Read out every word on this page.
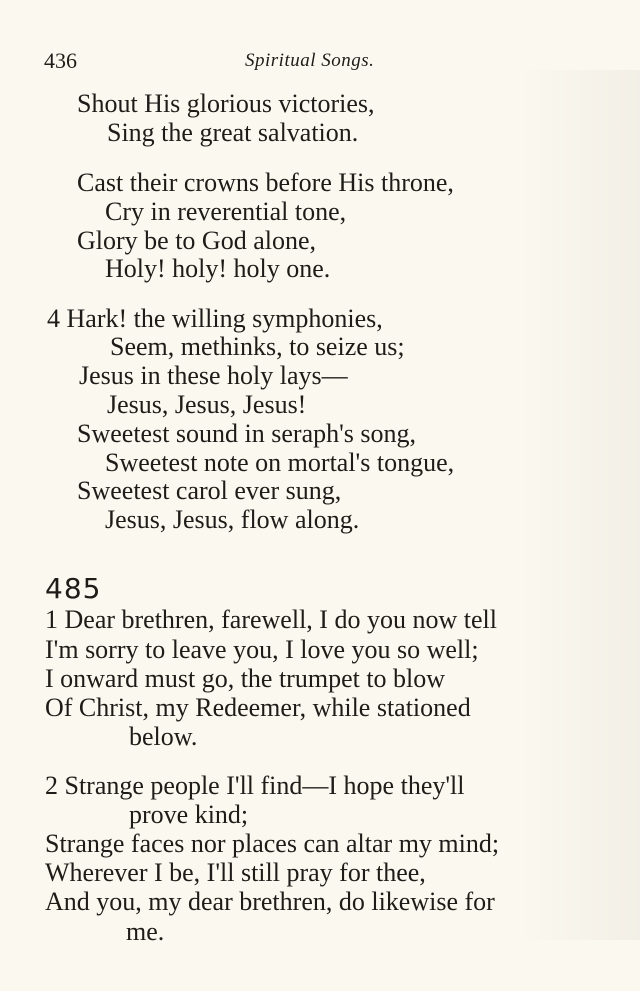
436	Spiritual Songs.
Shout His glorious victories,
Sing the great salvation.
Cast their crowns before His throne,
Cry in reverential tone,
Glory be to God alone,
Holy! holy! holy one.
4 Hark! the willing symphonies,
Seem, methinks, to seize us;
Jesus in these holy lays—
Jesus, Jesus, Jesus!
Sweetest sound in seraph's song,
Sweetest note on mortal's tongue,
Sweetest carol ever sung,
Jesus, Jesus, flow along.
485
1 Dear brethren, farewell, I do you now tell
I'm sorry to leave you, I love you so well;
I onward must go, the trumpet to blow
Of Christ, my Redeemer, while stationed
below.
2 Strange people I'll find—I hope they'll
prove kind;
Strange faces nor places can altar my mind;
Wherever I be, I'll still pray for thee,
And you, my dear brethren, do likewise for
me.
